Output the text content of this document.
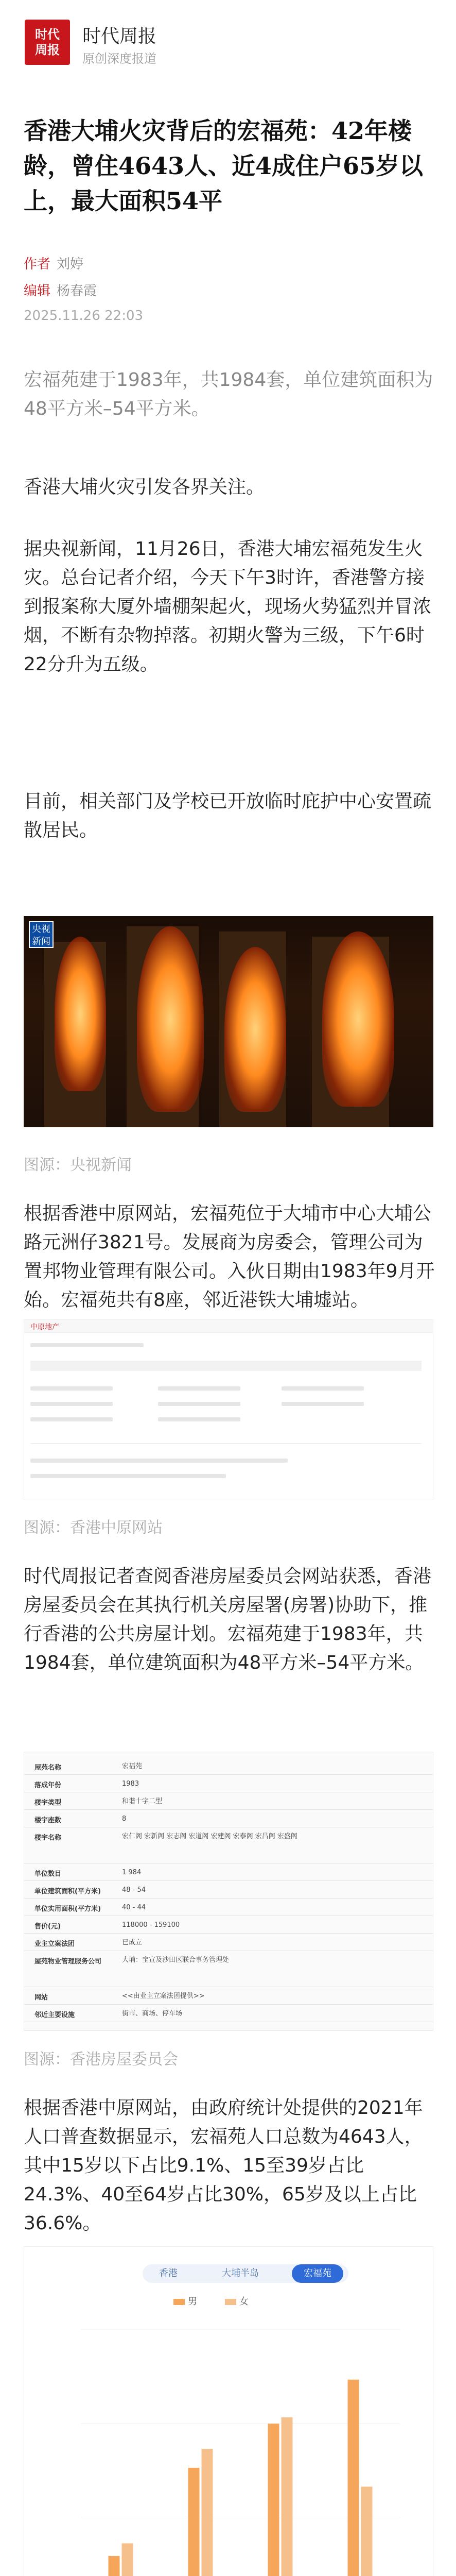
时代
周报
时代周报
原创深度报道
香港大埔火灾背后的宏福苑：42年楼龄，曾住4643人、近4成住户65岁以上，最大面积54平
作者 刘婷
编辑 杨春霞
2025.11.26 22:03
宏福苑建于1983年，共1984套，单位建筑面积为48平方米–54平方米。
香港大埔火灾引发各界关注。
据央视新闻，11月26日，香港大埔宏福苑发生火灾。总台记者介绍，今天下午3时许，香港警方接到报案称大厦外墙棚架起火，现场火势猛烈并冒浓烟，不断有杂物掉落。初期火警为三级，下午6时22分升为五级。
目前，相关部门及学校已开放临时庇护中心安置疏散居民。
央视
新闻
图源：央视新闻
根据香港中原网站，宏福苑位于大埔市中心大埔公路元洲仔3821号。发展商为房委会，管理公司为置邦物业管理有限公司。入伙日期由1983年9月开始。宏福苑共有8座，邻近港铁大埔墟站。
中原地产
图源：香港中原网站
时代周报记者查阅香港房屋委员会网站获悉，香港房屋委员会在其执行机关房屋署(房署)协助下，推行香港的公共房屋计划。宏福苑建于1983年，共1984套，单位建筑面积为48平方米–54平方米。
屋苑名称	宏福苑
落成年份	1983
楼宇类型	和谐十字二型
楼宇座数	8
楼宇名称	宏仁阁 宏新阁 宏志阁 宏道阁 宏建阁 宏泰阁 宏昌阁 宏盛阁
单位数目	1 984
单位建筑面积(平方米)	48 - 54
单位实用面积(平方米)	40 - 44
售价(元)	118000 - 159100
业主立案法团	已成立
屋苑物业管理服务公司	大埔：宝宣及沙田区联合事务管理处
网站	<<由业主立案法团提供>>
邻近主要设施	街市、商场、停车场
图源：香港房屋委员会
根据香港中原网站，由政府统计处提供的2021年人口普查数据显示，宏福苑人口总数为4643人，其中15岁以下占比9.1%、15至39岁占比24.3%、40至64岁占比30%，65岁及以上占比36.6%。
香港	大埔半岛	宏福苑
男	女
